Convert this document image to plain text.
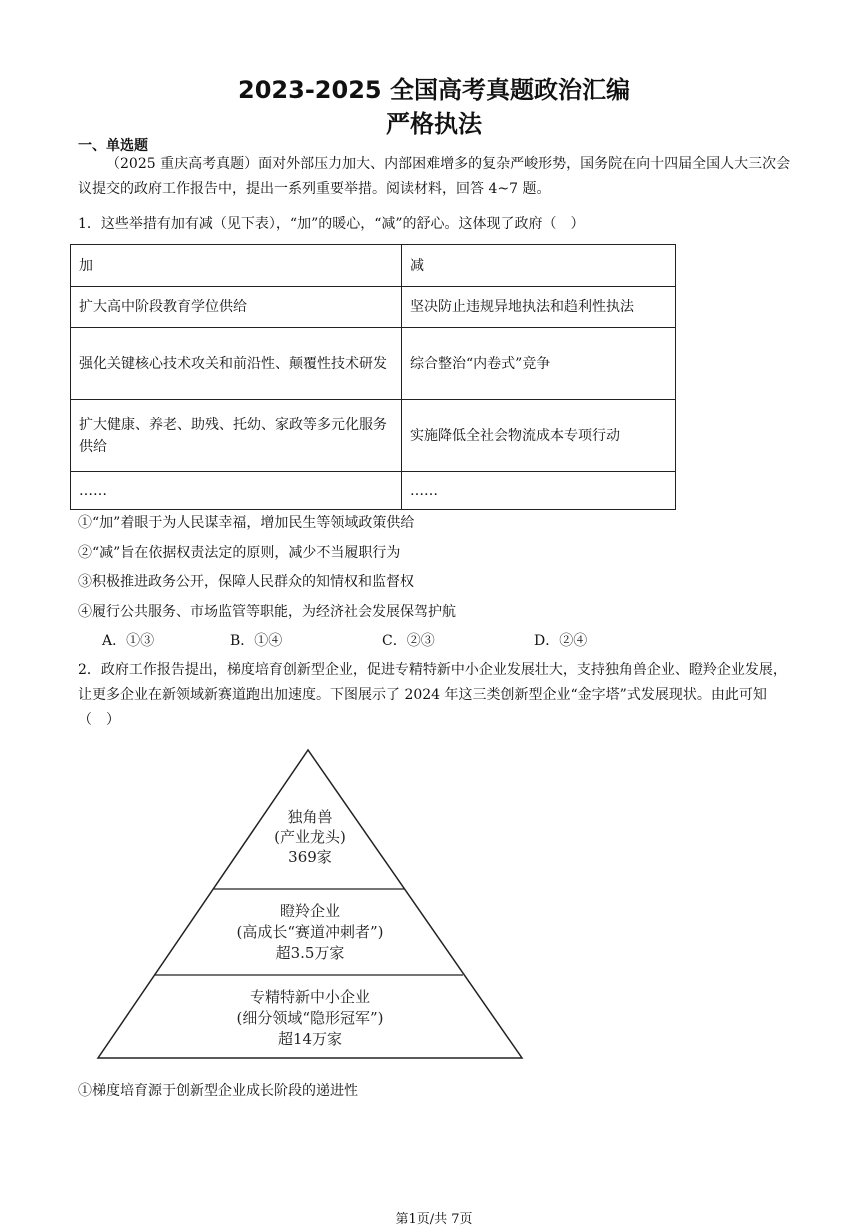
2023-2025 全国高考真题政治汇编
严格执法
一、单选题
（2025 重庆高考真题）面对外部压力加大、内部困难增多的复杂严峻形势，国务院在向十四届全国人大三次会议提交的政府工作报告中，提出一系列重要举措。阅读材料，回答 4~7 题。
1．这些举措有加有减（见下表），“加”的暖心，“减”的舒心。这体现了政府（　）
加	减
扩大高中阶段教育学位供给	坚决防止违规异地执法和趋利性执法
强化关键核心技术攻关和前沿性、颠覆性技术研发	综合整治“内卷式”竞争
扩大健康、养老、助残、托幼、家政等多元化服务供给	实施降低全社会物流成本专项行动
……	……
①“加”着眼于为人民谋幸福，增加民生等领域政策供给
②“减”旨在依据权责法定的原则，减少不当履职行为
③积极推进政务公开，保障人民群众的知情权和监督权
④履行公共服务、市场监管等职能，为经济社会发展保驾护航
A．①③	B．①④	C．②③	D．②④
2．政府工作报告提出，梯度培育创新型企业，促进专精特新中小企业发展壮大，支持独角兽企业、瞪羚企业发展，让更多企业在新领域新赛道跑出加速度。下图展示了 2024 年这三类创新型企业“金字塔”式发展现状。由此可知（　）
独角兽
(产业龙头)
369家
瞪羚企业
(高成长“赛道冲刺者”)
超3.5万家
专精特新中小企业
(细分领域“隐形冠军”)
超14万家
①梯度培育源于创新型企业成长阶段的递进性
第1页/共 7页
